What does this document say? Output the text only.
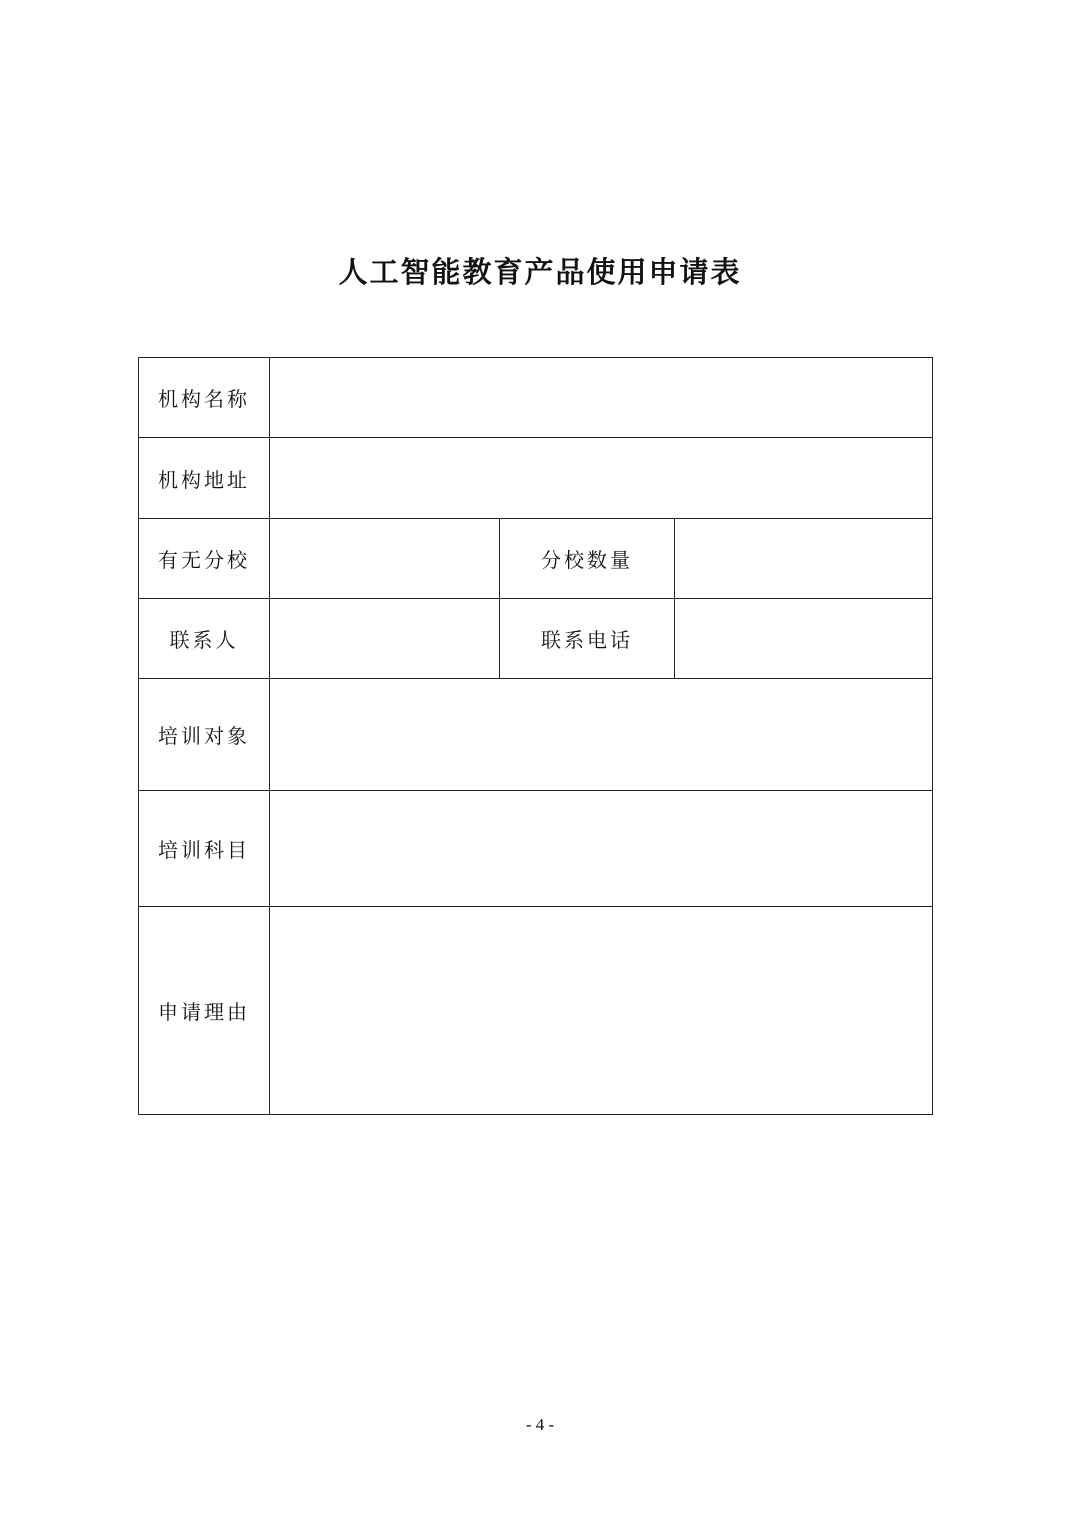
人工智能教育产品使用申请表
机构名称			
机构地址			
有无分校		分校数量	
联系人		联系电话	
培训对象			
培训科目			
申请理由			
- 4 -
